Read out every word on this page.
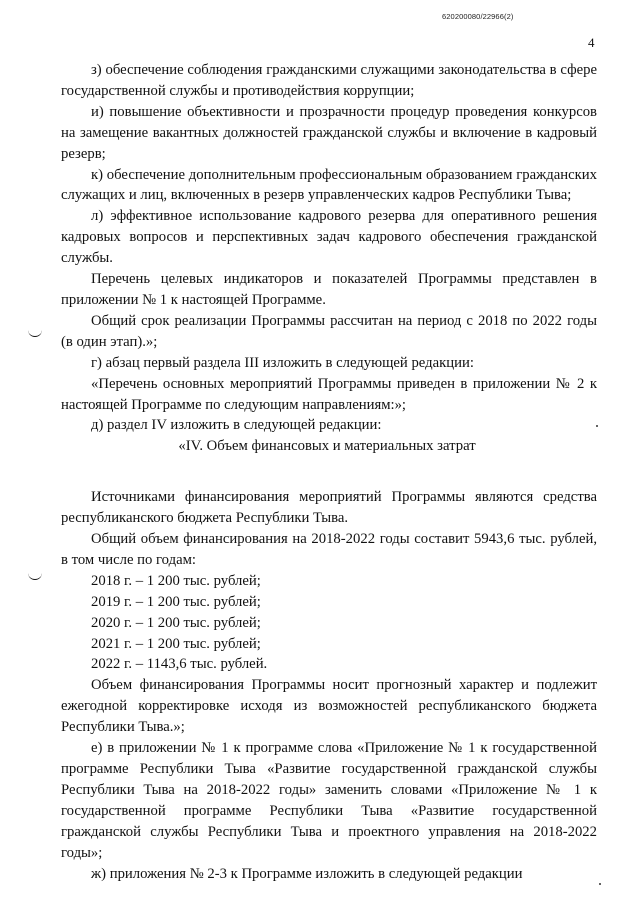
620200080/22966(2)
4

з) обеспечение соблюдения гражданскими служащими законодательства в сфере государственной службы и противодействия коррупции;

и) повышение объективности и прозрачности процедур проведения конкурсов на замещение вакантных должностей гражданской службы и включение в кадровый резерв;

к) обеспечение дополнительным профессиональным образованием гражданских служащих и лиц, включенных в резерв управленческих кадров Республики Тыва;

л) эффективное использование кадрового резерва для оперативного решения кадровых вопросов и перспективных задач кадрового обеспечения гражданской службы.

Перечень целевых индикаторов и показателей Программы представлен в приложении № 1 к настоящей Программе.

Общий срок реализации Программы рассчитан на период с 2018 по 2022 годы (в один этап).»;

г) абзац первый раздела III изложить в следующей редакции:

«Перечень основных мероприятий Программы приведен в приложении № 2 к настоящей Программе по следующим направлениям:»;

д) раздел IV изложить в следующей редакции:

«IV. Объем финансовых и материальных затрат

Источниками финансирования мероприятий Программы являются средства республиканского бюджета Республики Тыва.

Общий объем финансирования на 2018-2022 годы составит 5943,6 тыс. рублей, в том числе по годам:

2018 г. – 1 200 тыс. рублей;

2019 г. – 1 200 тыс. рублей;

2020 г. – 1 200 тыс. рублей;

2021 г. – 1 200 тыс. рублей;

2022 г. – 1143,6 тыс. рублей.

Объем финансирования Программы носит прогнозный характер и подлежит ежегодной корректировке исходя из возможностей республиканского бюджета Республики Тыва.»;

е) в приложении № 1 к программе слова «Приложение № 1 к государственной программе Республики Тыва «Развитие государственной гражданской службы Республики Тыва на 2018-2022 годы» заменить словами «Приложение № 1 к государственной программе Республики Тыва «Развитие государственной гражданской службы Республики Тыва и проектного управления на 2018-2022 годы»;

ж) приложения № 2-3 к Программе изложить в следующей редакции
